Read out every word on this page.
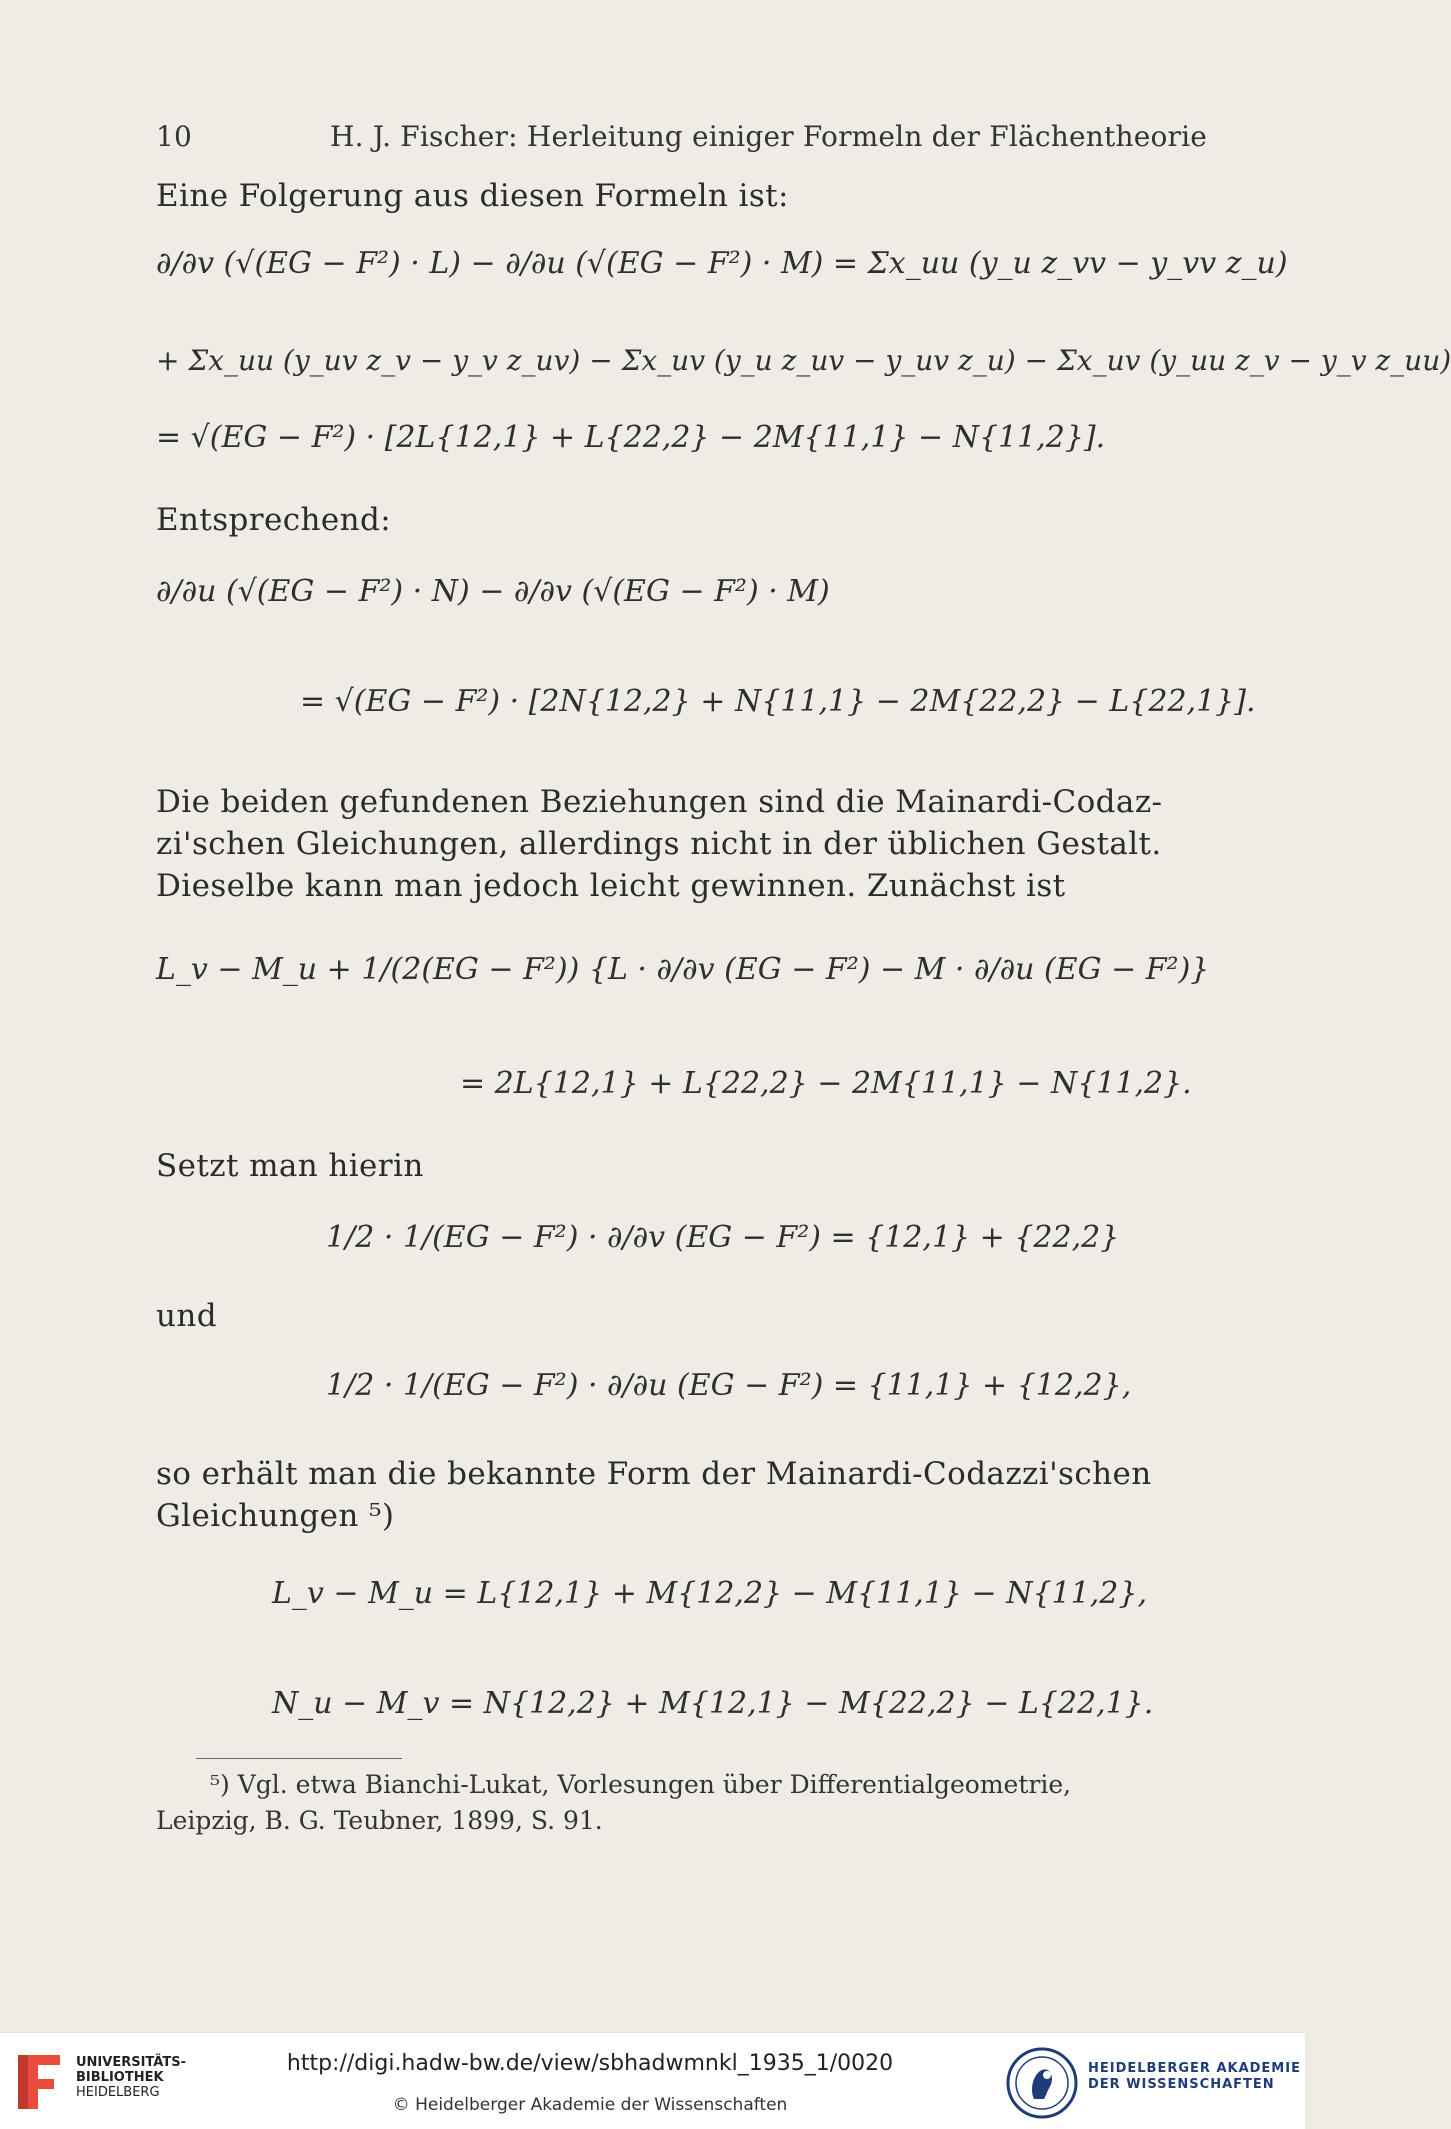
10	H. J. Fischer: Herleitung einiger Formeln der Flächentheorie
Eine Folgerung aus diesen Formeln ist:
∂/∂v (√(EG − F²) · L) − ∂/∂u (√(EG − F²) · M) = Σx_uu (y_u z_vv − y_vv z_u)
+ Σx_uu (y_uv z_v − y_v z_uv) − Σx_uv (y_u z_uv − y_uv z_u) − Σx_uv (y_uu z_v − y_v z_uu)
= √(EG − F²) · [2L{12,1} + L{22,2} − 2M{11,1} − N{11,2}].
Entsprechend:
∂/∂u (√(EG − F²) · N) − ∂/∂v (√(EG − F²) · M)
= √(EG − F²) · [2N{12,2} + N{11,1} − 2M{22,2} − L{22,1}].
Die beiden gefundenen Beziehungen sind die Mainardi-Codaz-
zi'schen Gleichungen, allerdings nicht in der üblichen Gestalt.
Dieselbe kann man jedoch leicht gewinnen. Zunächst ist
L_v − M_u + 1/(2(EG − F²)) {L · ∂/∂v (EG − F²) − M · ∂/∂u (EG − F²)}
= 2L{12,1} + L{22,2} − 2M{11,1} − N{11,2}.
Setzt man hierin
1/2 · 1/(EG − F²) · ∂/∂v (EG − F²) = {12,1} + {22,2}
und
1/2 · 1/(EG − F²) · ∂/∂u (EG − F²) = {11,1} + {12,2},
so erhält man die bekannte Form der Mainardi-Codazzi'schen
Gleichungen ⁵)
L_v − M_u = L{12,1} + M{12,2} − M{11,1} − N{11,2},
N_u − M_v = N{12,2} + M{12,1} − M{22,2} − L{22,1}.
⁵) Vgl. etwa Bianchi-Lukat, Vorlesungen über Differentialgeometrie,
Leipzig, B. G. Teubner, 1899, S. 91.
UNIVERSITÄTS-
BIBLIOTHEK
HEIDELBERG
http://digi.hadw-bw.de/view/sbhadwmnkl_1935_1/0020
© Heidelberger Akademie der Wissenschaften
HEIDELBERGER AKADEMIE
DER WISSENSCHAFTEN
